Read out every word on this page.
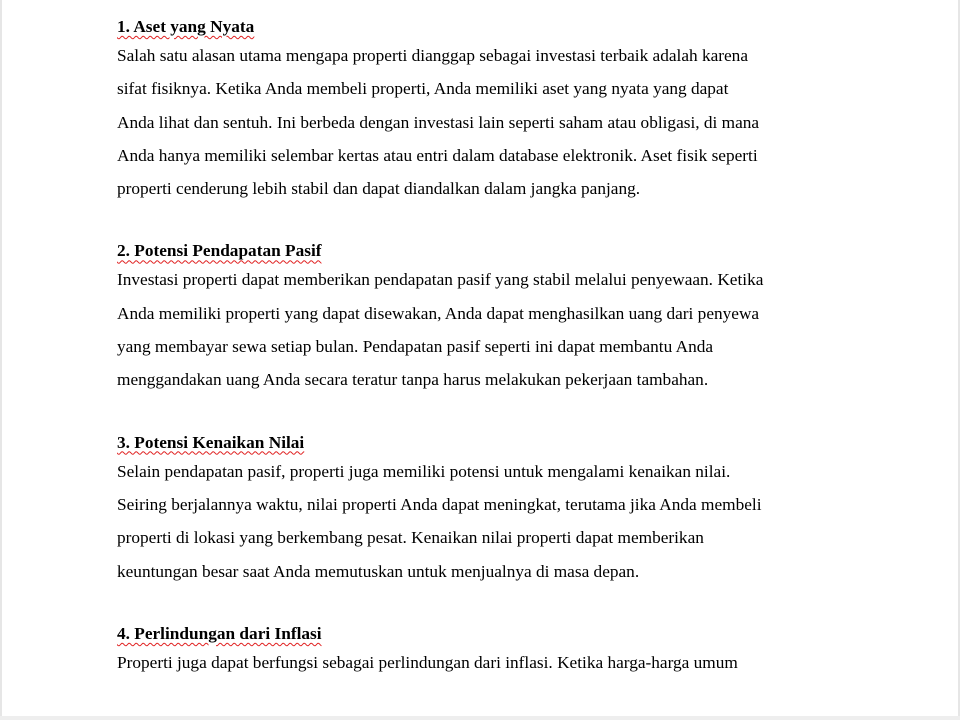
1. Aset yang Nyata
Salah satu alasan utama mengapa properti dianggap sebagai investasi terbaik adalah karena
sifat fisiknya. Ketika Anda membeli properti, Anda memiliki aset yang nyata yang dapat
Anda lihat dan sentuh. Ini berbeda dengan investasi lain seperti saham atau obligasi, di mana
Anda hanya memiliki selembar kertas atau entri dalam database elektronik. Aset fisik seperti
properti cenderung lebih stabil dan dapat diandalkan dalam jangka panjang.
2. Potensi Pendapatan Pasif
Investasi properti dapat memberikan pendapatan pasif yang stabil melalui penyewaan. Ketika
Anda memiliki properti yang dapat disewakan, Anda dapat menghasilkan uang dari penyewa
yang membayar sewa setiap bulan. Pendapatan pasif seperti ini dapat membantu Anda
menggandakan uang Anda secara teratur tanpa harus melakukan pekerjaan tambahan.
3. Potensi Kenaikan Nilai
Selain pendapatan pasif, properti juga memiliki potensi untuk mengalami kenaikan nilai.
Seiring berjalannya waktu, nilai properti Anda dapat meningkat, terutama jika Anda membeli
properti di lokasi yang berkembang pesat. Kenaikan nilai properti dapat memberikan
keuntungan besar saat Anda memutuskan untuk menjualnya di masa depan.
4. Perlindungan dari Inflasi
Properti juga dapat berfungsi sebagai perlindungan dari inflasi. Ketika harga-harga umum
